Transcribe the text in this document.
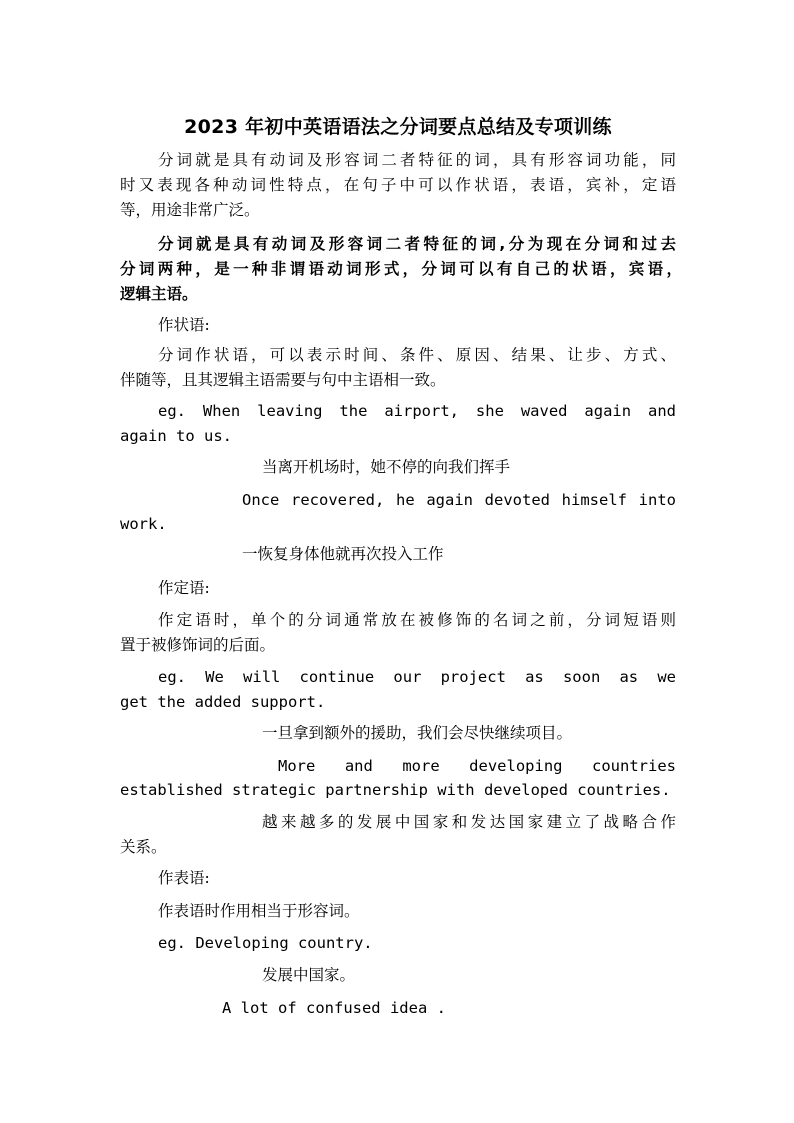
2023 年初中英语语法之分词要点总结及专项训练
分词就是具有动词及形容词二者特征的词，具有形容词功能，同
时又表现各种动词性特点，在句子中可以作状语，表语，宾补，定语
等，用途非常广泛。
分词就是具有动词及形容词二者特征的词,分为现在分词和过去
分词两种，是一种非谓语动词形式，分词可以有自己的状语，宾语，
逻辑主语。
作状语:
分词作状语，可以表示时间、条件、原因、结果、让步、方式、
伴随等，且其逻辑主语需要与句中主语相一致。
eg. When leaving the airport, she waved again and
again to us.
当离开机场时，她不停的向我们挥手
Once recovered, he again devoted himself into
work.
一恢复身体他就再次投入工作
作定语:
作定语时，单个的分词通常放在被修饰的名词之前，分词短语则
置于被修饰词的后面。
eg. We will continue our project as soon as we
get the added support.
一旦拿到额外的援助，我们会尽快继续项目。
More and more developing countries
established strategic partnership with developed countries.
越来越多的发展中国家和发达国家建立了战略合作
关系。
作表语:
作表语时作用相当于形容词。
eg. Developing country.
发展中国家。
A lot of confused idea .
